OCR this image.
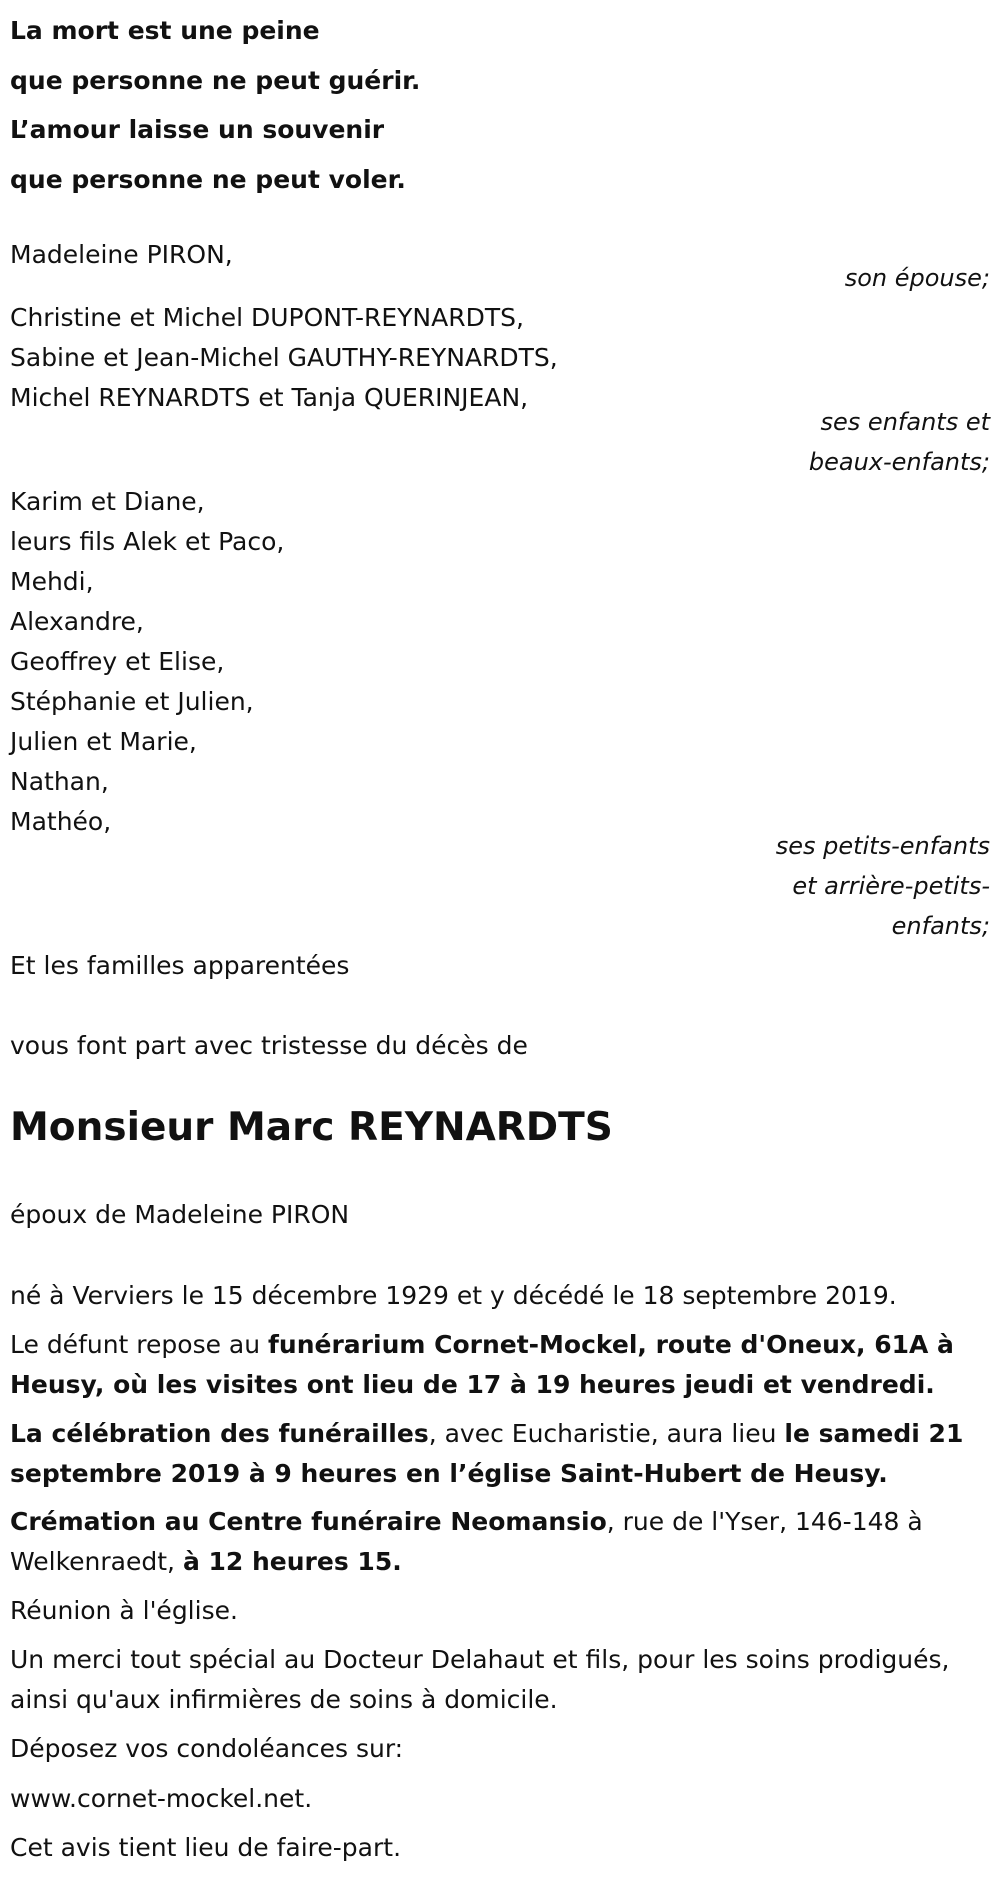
La mort est une peine
que personne ne peut guérir.
L’amour laisse un souvenir
que personne ne peut voler.
Madeleine PIRON,
son épouse;
Christine et Michel DUPONT-REYNARDTS,
Sabine et Jean-Michel GAUTHY-REYNARDTS,
Michel REYNARDTS et Tanja QUERINJEAN,
ses enfants et
beaux-enfants;
Karim et Diane,
leurs fils Alek et Paco,
Mehdi,
Alexandre,
Geoffrey et Elise,
Stéphanie et Julien,
Julien et Marie,
Nathan,
Mathéo,
ses petits-enfants
et arrière-petits-
enfants;
Et les familles apparentées
vous font part avec tristesse du décès de
Monsieur Marc REYNARDTS
époux de Madeleine PIRON
né à Verviers le 15 décembre 1929 et y décédé le 18 septembre 2019.
Le défunt repose au funérarium Cornet-Mockel, route d'Oneux, 61A à Heusy, où les visites ont lieu de 17 à 19 heures jeudi et vendredi.
La célébration des funérailles, avec Eucharistie, aura lieu le samedi 21 septembre 2019 à 9 heures en l’église Saint-Hubert de Heusy.
Crémation au Centre funéraire Neomansio, rue de l'Yser, 146-148 à Welkenraedt, à 12 heures 15.
Réunion à l'église.
Un merci tout spécial au Docteur Delahaut et fils, pour les soins prodigués, ainsi qu'aux infirmières de soins à domicile.
Déposez vos condoléances sur:
www.cornet-mockel.net.
Cet avis tient lieu de faire-part.
